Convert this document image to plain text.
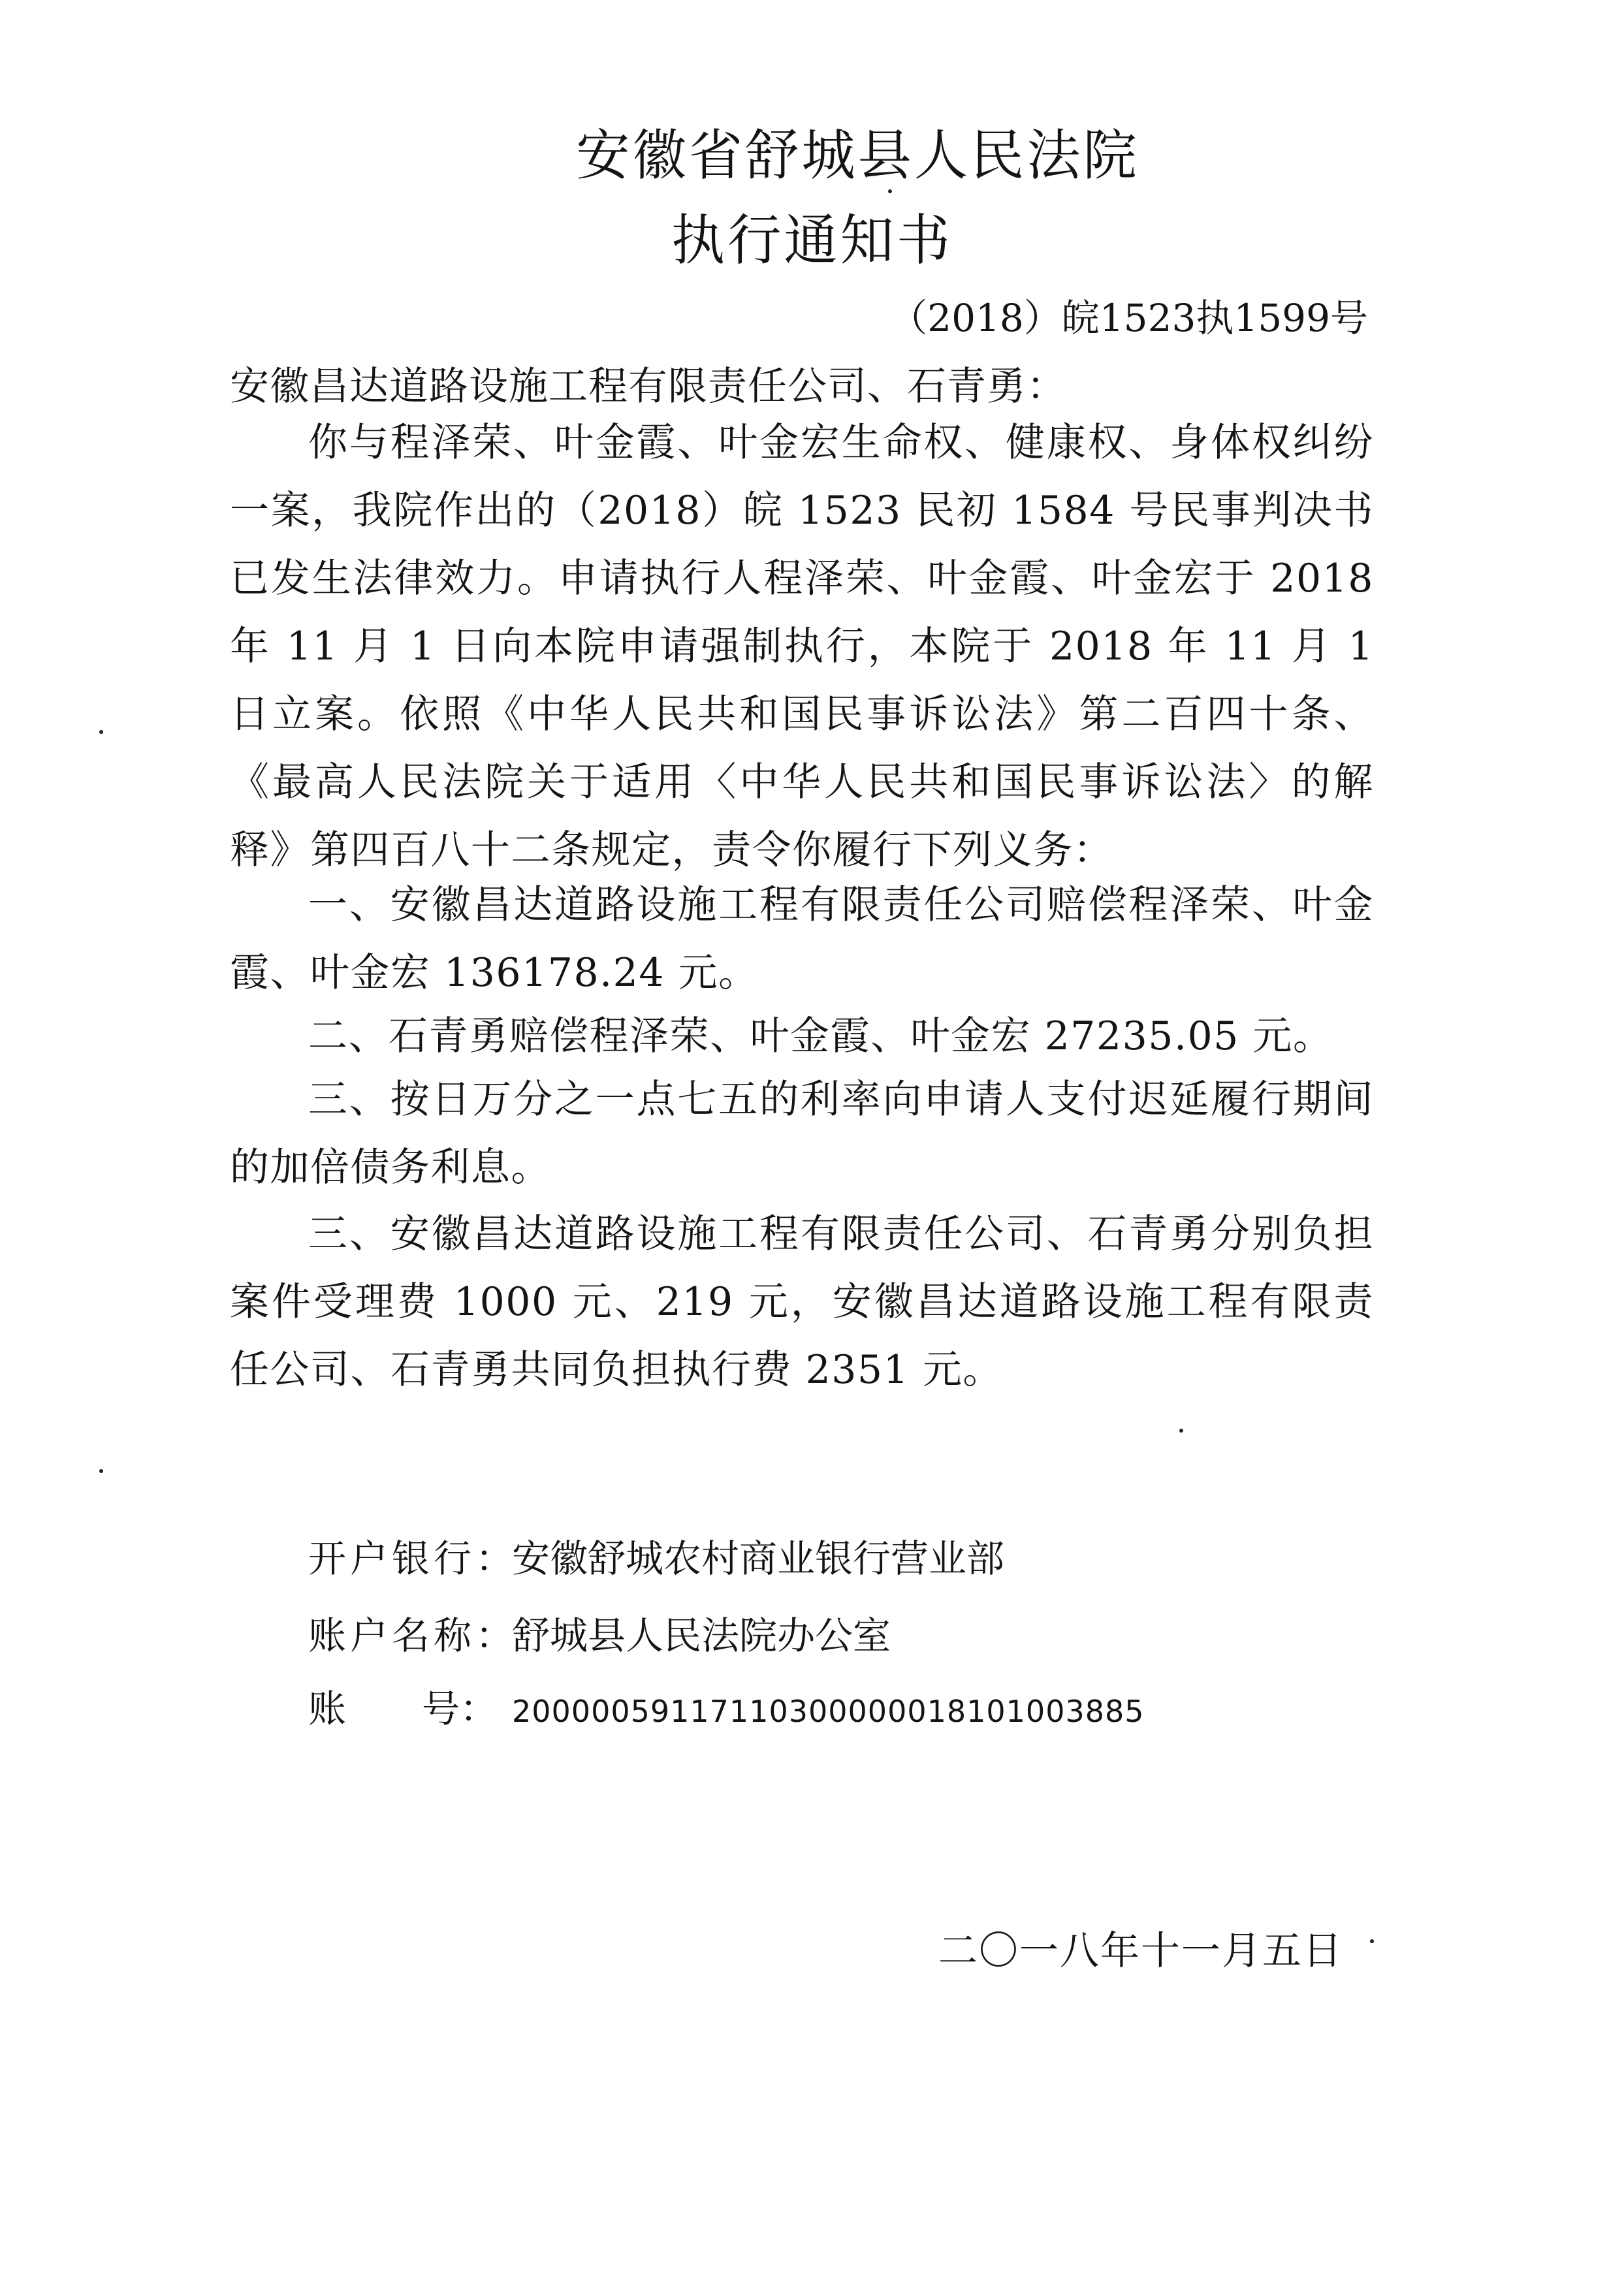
安徽省舒城县人民法院
执行通知书
（2018）皖1523执1599号
安徽昌达道路设施工程有限责任公司、石青勇：

你与程泽荣、叶金霞、叶金宏生命权、健康权、身体权纠纷一案，我院作出的（2018）皖 1523 民初 1584 号民事判决书已发生法律效力。申请执行人程泽荣、叶金霞、叶金宏于 2018 年 11 月 1 日向本院申请强制执行，本院于 2018 年 11 月 1 日立案。依照《中华人民共和国民事诉讼法》第二百四十条、《最高人民法院关于适用〈中华人民共和国民事诉讼法〉的解释》第四百八十二条规定，责令你履行下列义务：

一、安徽昌达道路设施工程有限责任公司赔偿程泽荣、叶金霞、叶金宏 136178.24 元。

二、石青勇赔偿程泽荣、叶金霞、叶金宏 27235.05 元。

三、按日万分之一点七五的利率向申请人支付迟延履行期间的加倍债务利息。

三、安徽昌达道路设施工程有限责任公司、石青勇分别负担案件受理费 1000 元、219 元，安徽昌达道路设施工程有限责任公司、石青勇共同负担执行费 2351 元。

开户银行：安徽舒城农村商业银行营业部
账户名称：舒城县人民法院办公室
账　　号： 20000059117110300000018101003885
二〇一八年十一月五日
